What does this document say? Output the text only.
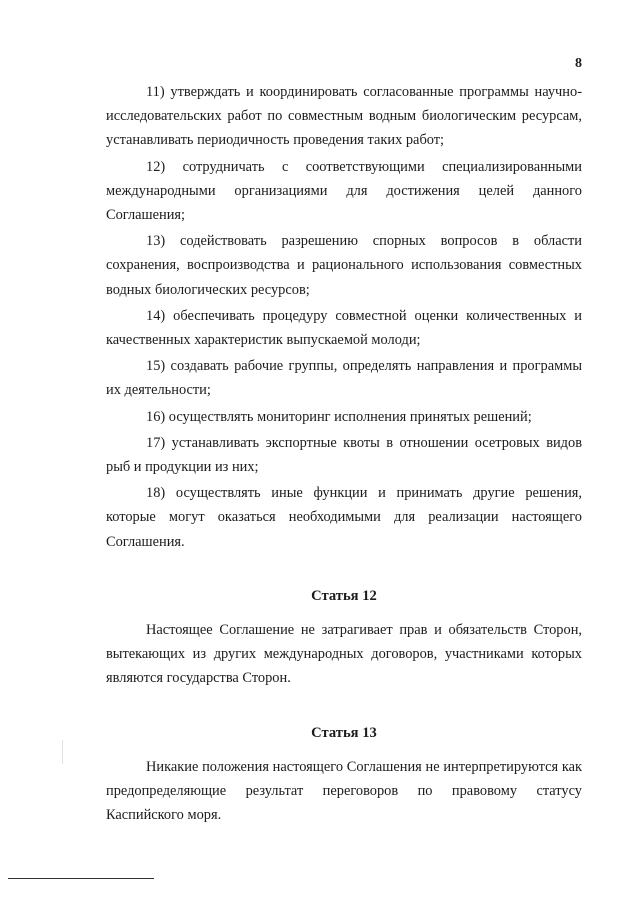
8

11) утверждать и координировать согласованные программы научно-исследовательских работ по совместным водным биологическим ресурсам, устанавливать периодичность проведения таких работ;

12) сотрудничать с соответствующими специализированными международными организациями для достижения целей данного Соглашения;

13) содействовать разрешению спорных вопросов в области сохранения, воспроизводства и рационального использования совместных водных биологических ресурсов;

14) обеспечивать процедуру совместной оценки количественных и качественных характеристик выпускаемой молоди;

15) создавать рабочие группы, определять направления и программы их деятельности;

16) осуществлять мониторинг исполнения принятых решений;

17) устанавливать экспортные квоты в отношении осетровых видов рыб и продукции из них;

18) осуществлять иные функции и принимать другие решения, которые могут оказаться необходимыми для реализации настоящего Соглашения.

Статья 12

Настоящее Соглашение не затрагивает прав и обязательств Сторон, вытекающих из других международных договоров, участниками которых являются государства Сторон.

Статья 13

Никакие положения настоящего Соглашения не интерпретируются как предопределяющие результат переговоров по правовому статусу Каспийского моря.
